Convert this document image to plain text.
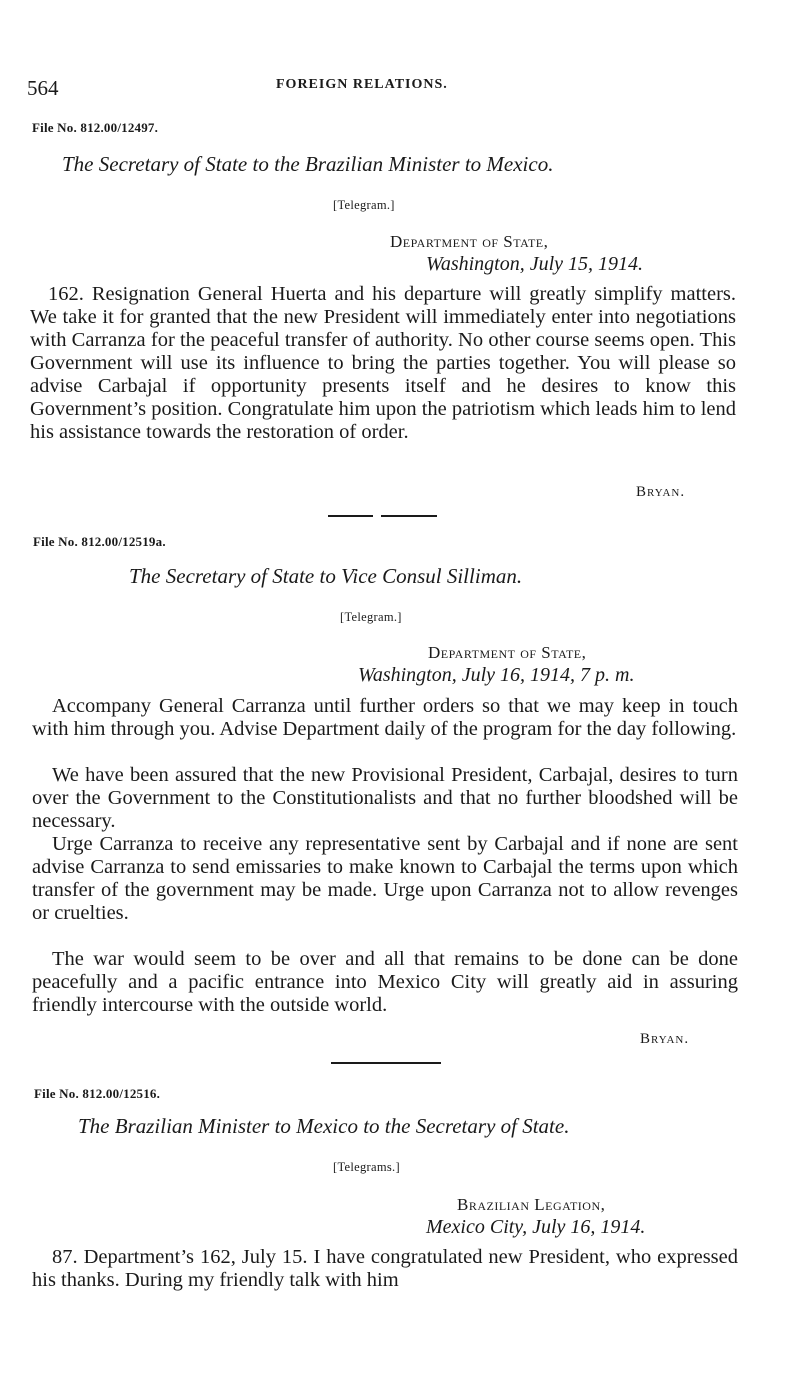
564	FOREIGN RELATIONS.
File No. 812.00/12497.
The Secretary of State to the Brazilian Minister to Mexico.
[Telegram.]
Department of State,
Washington, July 15, 1914.
162. Resignation General Huerta and his departure will greatly simplify matters. We take it for granted that the new President will immediately enter into negotiations with Carranza for the peaceful transfer of authority. No other course seems open. This Government will use its influence to bring the parties together. You will please so advise Carbajal if opportunity presents itself and he desires to know this Government’s position. Congratulate him upon the patriotism which leads him to lend his assistance towards the restoration of order.
Bryan.
File No. 812.00/12519a.
The Secretary of State to Vice Consul Silliman.
[Telegram.]
Department of State,
Washington, July 16, 1914, 7 p. m.
Accompany General Carranza until further orders so that we may keep in touch with him through you. Advise Department daily of the program for the day following.
We have been assured that the new Provisional President, Carbajal, desires to turn over the Government to the Constitutionalists and that no further bloodshed will be necessary.
Urge Carranza to receive any representative sent by Carbajal and if none are sent advise Carranza to send emissaries to make known to Carbajal the terms upon which transfer of the government may be made. Urge upon Carranza not to allow revenges or cruelties.
The war would seem to be over and all that remains to be done can be done peacefully and a pacific entrance into Mexico City will greatly aid in assuring friendly intercourse with the outside world.
Bryan.
File No. 812.00/12516.
The Brazilian Minister to Mexico to the Secretary of State.
[Telegrams.]
Brazilian Legation,
Mexico City, July 16, 1914.
87. Department’s 162, July 15. I have congratulated new President, who expressed his thanks. During my friendly talk with him
